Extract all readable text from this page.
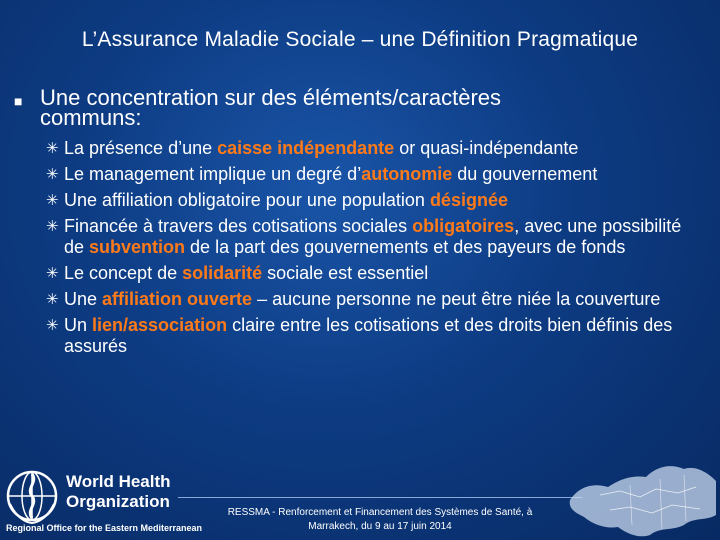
L’Assurance Maladie Sociale – une Définition Pragmatique
■ Une concentration sur des éléments/caractères
communs:
✳ La présence d’une caisse indépendante or quasi-indépendante
✳ Le management implique un degré d’autonomie du gouvernement
✳ Une affiliation obligatoire pour une population désignée
✳ Financée à travers des cotisations sociales obligatoires, avec une possibilité de subvention de la part des gouvernements et des payeurs de fonds
✳ Le concept de solidarité sociale est essentiel
✳ Une affiliation ouverte – aucune personne ne peut être niée la couverture
✳ Un lien/association claire entre les cotisations et des droits bien définis des assurés
World Health
Organization
Regional Office for the Eastern Mediterranean
RESSMA - Renforcement et Financement des Systèmes de Santé, à
Marrakech, du 9 au 17 juin 2014
